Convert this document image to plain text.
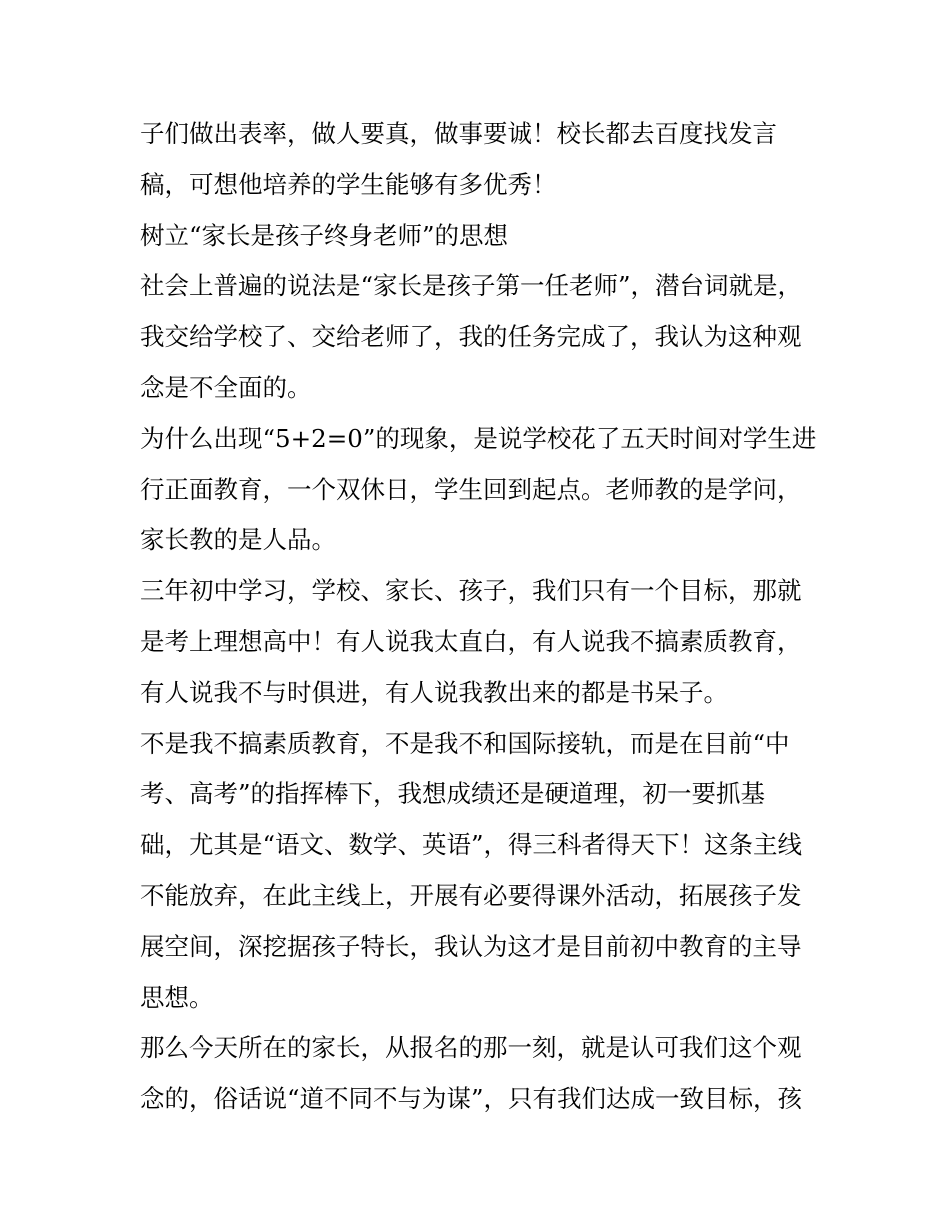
子们做出表率，做人要真，做事要诚！校长都去百度找发言
稿，可想他培养的学生能够有多优秀！
树立“家长是孩子终身老师”的思想
社会上普遍的说法是“家长是孩子第一任老师”，潜台词就是，
我交给学校了、交给老师了，我的任务完成了，我认为这种观
念是不全面的。
为什么出现“5+2=0”的现象，是说学校花了五天时间对学生进
行正面教育，一个双休日，学生回到起点。老师教的是学问，
家长教的是人品。
三年初中学习，学校、家长、孩子，我们只有一个目标，那就
是考上理想高中！有人说我太直白，有人说我不搞素质教育，
有人说我不与时俱进，有人说我教出来的都是书呆子。
不是我不搞素质教育，不是我不和国际接轨，而是在目前“中
考、高考”的指挥棒下，我想成绩还是硬道理，初一要抓基
础，尤其是“语文、数学、英语”，得三科者得天下！这条主线
不能放弃，在此主线上，开展有必要得课外活动，拓展孩子发
展空间，深挖据孩子特长，我认为这才是目前初中教育的主导
思想。
那么今天所在的家长，从报名的那一刻，就是认可我们这个观
念的，俗话说“道不同不与为谋”，只有我们达成一致目标，孩
